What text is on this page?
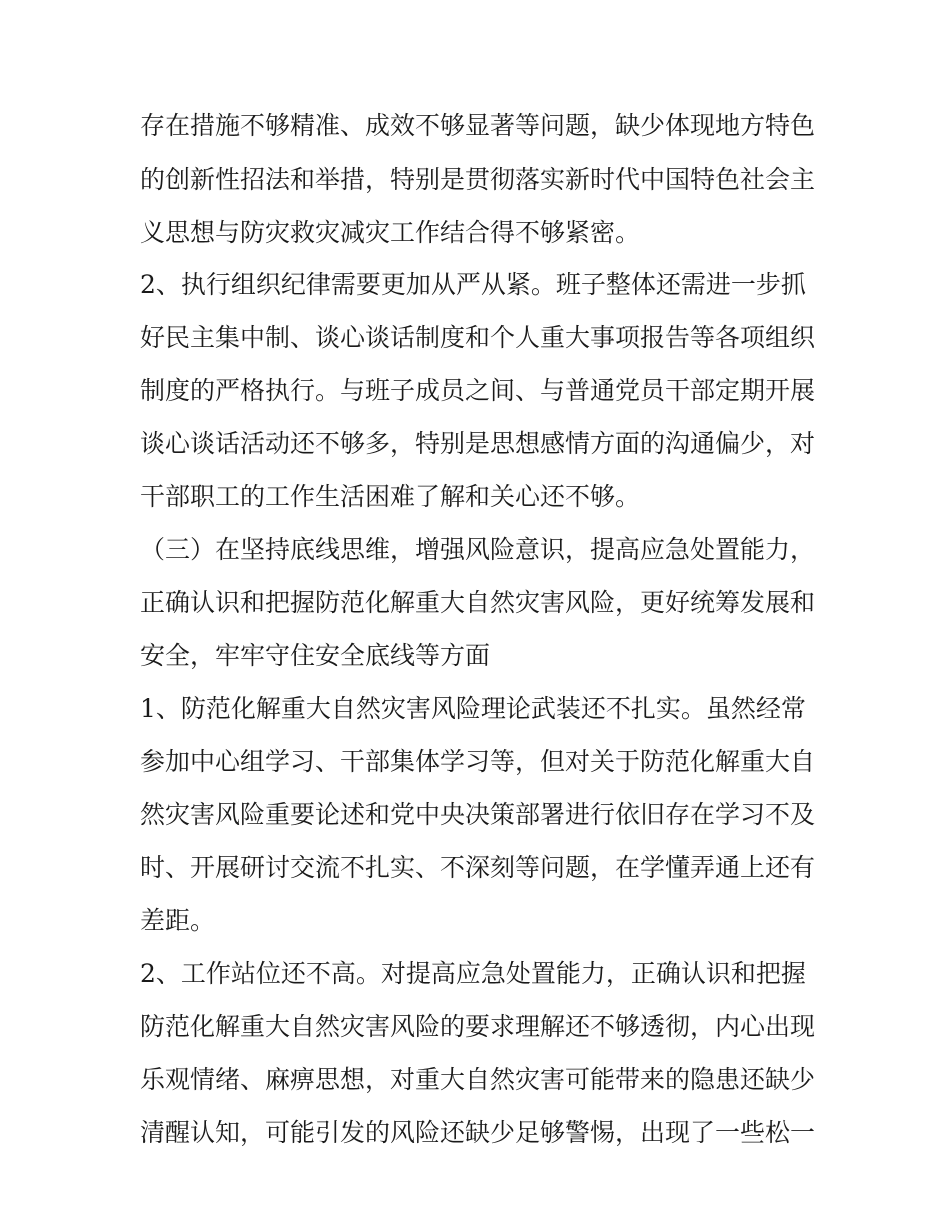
存在措施不够精准、成效不够显著等问题，缺少体现地方特色
的创新性招法和举措，特别是贯彻落实新时代中国特色社会主
义思想与防灾救灾减灾工作结合得不够紧密。
2、执行组织纪律需要更加从严从紧。班子整体还需进一步抓
好民主集中制、谈心谈话制度和个人重大事项报告等各项组织
制度的严格执行。与班子成员之间、与普通党员干部定期开展
谈心谈话活动还不够多，特别是思想感情方面的沟通偏少，对
干部职工的工作生活困难了解和关心还不够。
（三）在坚持底线思维，增强风险意识，提高应急处置能力，
正确认识和把握防范化解重大自然灾害风险，更好统筹发展和
安全，牢牢守住安全底线等方面
1、防范化解重大自然灾害风险理论武装还不扎实。虽然经常
参加中心组学习、干部集体学习等，但对关于防范化解重大自
然灾害风险重要论述和党中央决策部署进行依旧存在学习不及
时、开展研讨交流不扎实、不深刻等问题，在学懂弄通上还有
差距。
2、工作站位还不高。对提高应急处置能力，正确认识和把握
防范化解重大自然灾害风险的要求理解还不够透彻，内心出现
乐观情绪、麻痹思想，对重大自然灾害可能带来的隐患还缺少
清醒认知，可能引发的风险还缺少足够警惕，出现了一些松一
